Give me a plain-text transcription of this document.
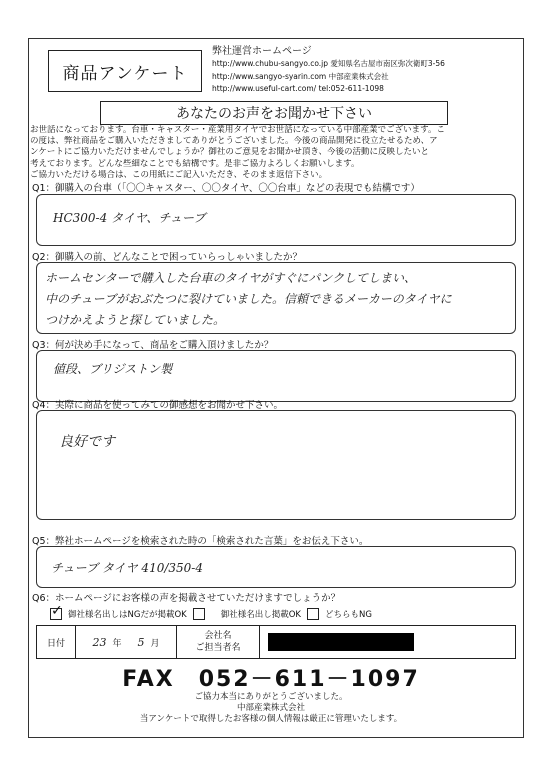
商品アンケート
弊社運営ホームページ
http://www.chubu-sangyo.co.jp 愛知県名古屋市南区弥次衛町3-56
http://www.sangyo-syarin.com 中部産業株式会社
http://www.useful-cart.com/ tel:052-611-1098
あなたのお声をお聞かせ下さい
お世話になっております。台車・キャスター・産業用タイヤでお世話になっている中部産業でございます。こ
の度は、弊社商品をご購入いただきましてありがとうございました。今後の商品開発に役立たせるため、ア
ンケートにご協力いただけませんでしょうか？御社のご意見をお聞かせ頂き、今後の活動に反映したいと
考えております。どんな些細なことでも結構です。是非ご協力よろしくお願いします。
ご協力いただける場合は、この用紙にご記入いただき、そのまま返信下さい。
Q1：御購入の台車（「〇〇キャスター、〇〇タイヤ、〇〇台車」などの表現でも結構です）
HC300-4 タイヤ、チューブ
Q2：御購入の前、どんなことで困っていらっしゃいましたか？
ホームセンターで購入した台車のタイヤがすぐにパンクしてしまい、
中のチューブがおぶたつに裂けていました。信頼できるメーカーのタイヤに
つけかえようと探していました。
Q3：何が決め手になって、商品をご購入頂けましたか？
値段、ブリジストン製
Q4：実際に商品を使ってみての御感想をお聞かせ下さい。
良好です
Q5：弊社ホームページを検索された時の「検索された言葉」をお伝え下さい。
チューブ タイヤ 410/350-4
Q6：ホームページにお客様の声を掲載させていただけますでしょうか？
✓ 御社様名出しはNGだが掲載OK	御社様名出し掲載OK	どちらもNG
日付	23 年 5 月
会社名
ご担当者名
FAX　052－611－1097
ご協力本当にありがとうございました。
中部産業株式会社
当アンケートで取得したお客様の個人情報は厳正に管理いたします。
